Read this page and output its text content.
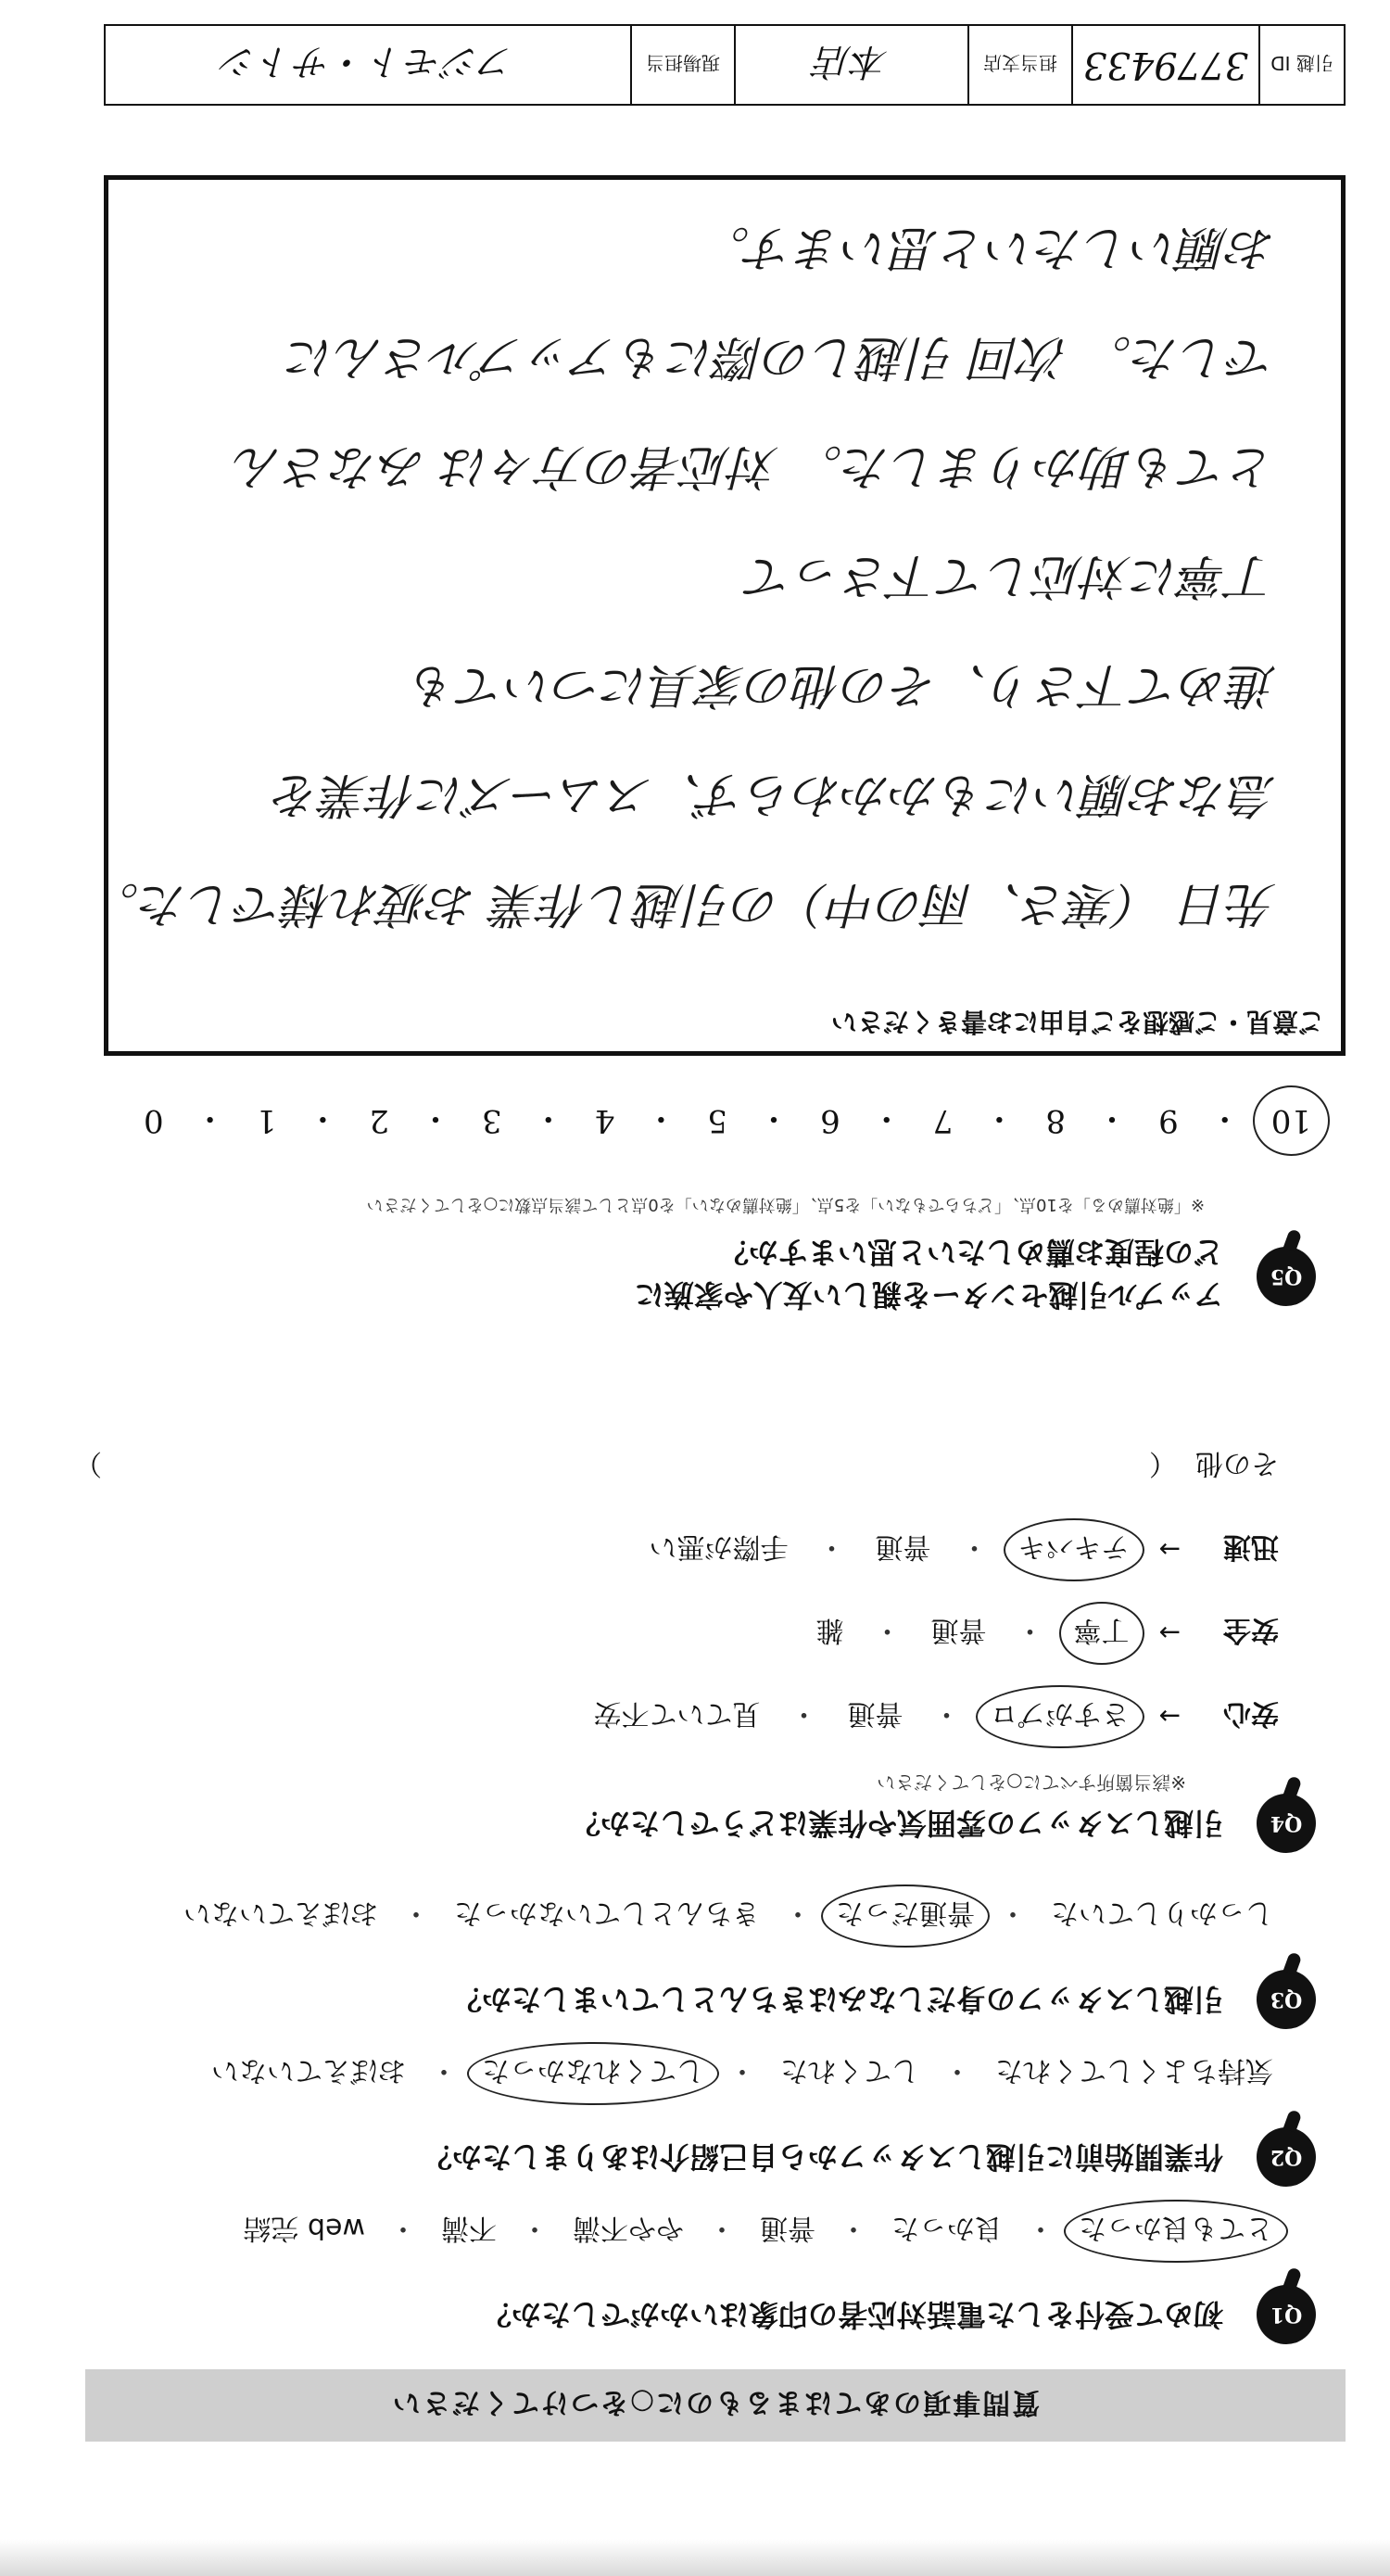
質問事項のあてはまるものに○をつけてください
Q1
初めて受付をした電話対応者の印象はいかがでしたか？
とても良かった
・
良かった
・
普通
・
やや不満
・
不満
・
web 完結
Q2
作業開始前に引越しスタッフから自己紹介はありましたか？
気持ちよくしてくれた
・
してくれた
・
してくれなかった
・
おぼえていない
Q3
引越しスタッフの身だしなみはきちんとしていましたか？
しっかりしていた
・
普通だった
・
きちんとしていなかった
・
おぼえていない
Q4
引越しスタッフの雰囲気や作業はどうでしたか？
※該当箇所すべてに○をしてください
安心
→
さすがプロ
・
普通
・
見ていて不安
安全
→
丁寧
・
普通
・
雑
迅速
→
テキパキ
・
普通
・
手際が悪い
その他
（
）
Q5
アップル引越センターを親しい友人や家族に
どの程度お薦めしたいと思いますか？
※「絶対薦める」を10点、「どちらでもない」を5点、「絶対薦めない」を0点として該当点数に○をしてください
10
・
9
・
8
・
7
・
6
・
5
・
4
・
3
・
2
・
1
・
0
ご意見・ご感想をご自由にお書きください
先日 （寒さ、雨の中）の引越し作業 お疲れ様でした。
急なお願いにもかかわらず、スムーズに作業を
進めて下さり、その他の家具についても
丁寧に対応して下さって
とても助かりました。 対応者の方々は みなさん
でした。 次回 引越しの際にもアップルさんに
お願いしたいと思います。
引越 ID
3779433
担当支店
本店
現場担当
フジモト・サトシ
